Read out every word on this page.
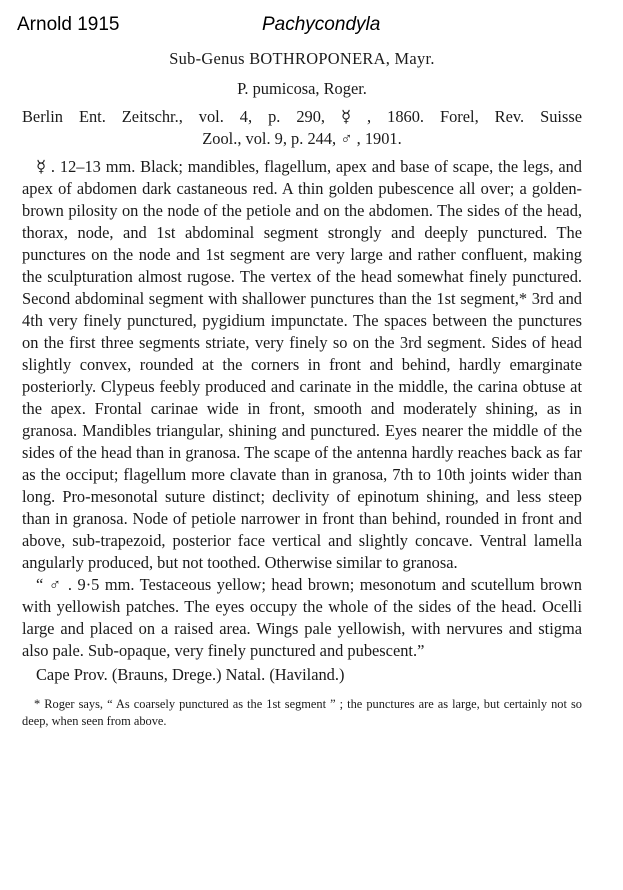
Arnold 1915	Pachycondyla

Sub-Genus BOTHROPONERA, Mayr.

P. pumicosa, Roger.

Berlin Ent. Zeitschr., vol. 4, p. 290, ☿ , 1860. Forel, Rev. Suisse

Zool., vol. 9, p. 244, ♂ , 1901.

☿ . 12–13 mm. Black; mandibles, flagellum, apex and base of scape, the legs, and apex of abdomen dark castaneous red. A thin golden pubescence all over; a golden-brown pilosity on the node of the petiole and on the abdomen. The sides of the head, thorax, node, and 1st abdominal segment strongly and deeply punctured. The punctures on the node and 1st segment are very large and rather confluent, making the sculpturation almost rugose. The vertex of the head somewhat finely punctured. Second abdominal segment with shallower punctures than the 1st segment,* 3rd and 4th very finely punctured, pygidium impunctate. The spaces between the punctures on the first three segments striate, very finely so on the 3rd segment. Sides of head slightly convex, rounded at the corners in front and behind, hardly emarginate posteriorly. Clypeus feebly produced and carinate in the middle, the carina obtuse at the apex. Frontal carinae wide in front, smooth and moderately shining, as in granosa. Mandibles triangular, shining and punctured. Eyes nearer the middle of the sides of the head than in granosa. The scape of the antenna hardly reaches back as far as the occiput; flagellum more clavate than in granosa, 7th to 10th joints wider than long. Pro-mesonotal suture distinct; declivity of epinotum shining, and less steep than in granosa. Node of petiole narrower in front than behind, rounded in front and above, sub-trapezoid, posterior face vertical and slightly concave. Ventral lamella angularly produced, but not toothed. Otherwise similar to granosa.

“ ♂ . 9·5 mm. Testaceous yellow; head brown; mesonotum and scutellum brown with yellowish patches. The eyes occupy the whole of the sides of the head. Ocelli large and placed on a raised area. Wings pale yellowish, with nervures and stigma also pale. Sub-opaque, very finely punctured and pubescent.”

Cape Prov. (Brauns, Drege.) Natal. (Haviland.)

* Roger says, “ As coarsely punctured as the 1st segment ” ; the punctures are as large, but certainly not so deep, when seen from above.
